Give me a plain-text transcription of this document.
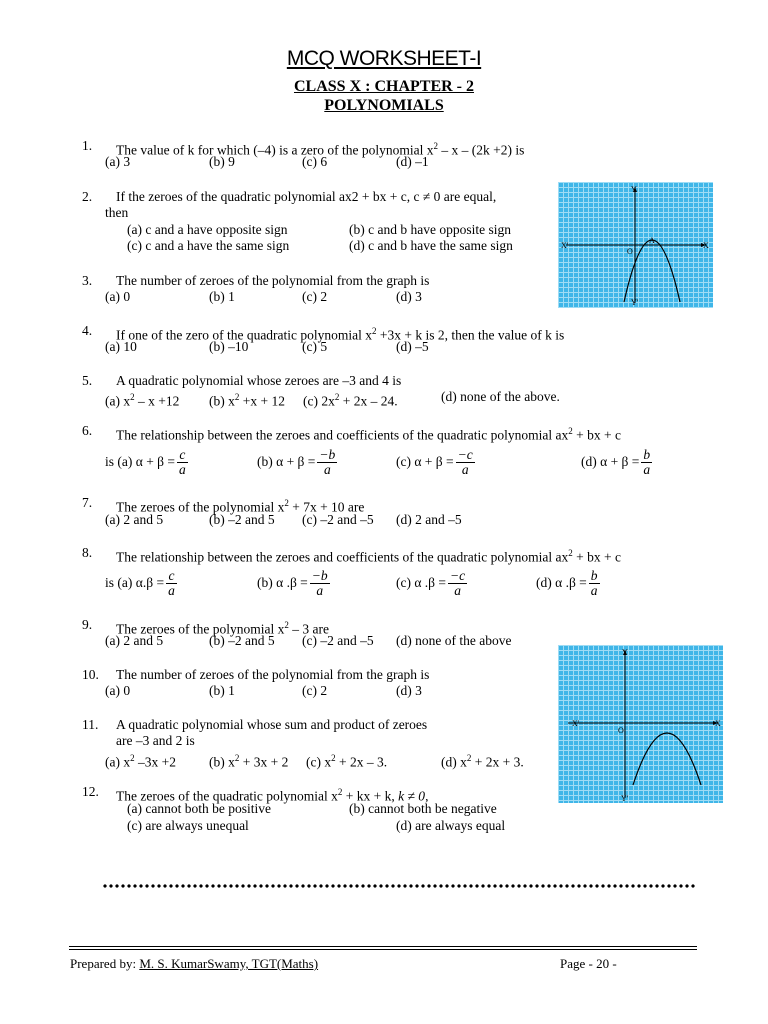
MCQ WORKSHEET-I
CLASS X : CHAPTER - 2
POLYNOMIALS
1. The value of k for which (–4) is a zero of the polynomial $x^2 - x - (2k +2)$ is
(a) 3	(b) 9	(c) 6	(d) –1
2. If the zeroes of the quadratic polynomial ax2 + bx + c, c ≠ 0 are equal,
then
(a) c and a have opposite sign	(b) c and b have opposite sign
(c) c and a have the same sign	(d) c and b have the same sign
Y
X
X'
Y'
O
A
3. The number of zeroes of the polynomial from the graph is
(a) 0	(b) 1	(c) 2	(d) 3
4. If one of the zero of the quadratic polynomial $x^2 +3x + k$ is 2, then the value of k is
(a) 10	(b) –10	(c) 5	(d) –5
5. A quadratic polynomial whose zeroes are –3 and 4 is
(a) $x^2 - x +12$ (b) $x^2 +x + 12$ (c) $2x^2 + 2x - 24$.	(d) none of the above.
6. The relationship between the zeroes and coefficients of the quadratic polynomial $ax^2$ + bx + c
is (a) $\alpha + \beta = \frac{c}{a}$	(b) $\alpha + \beta = \frac{-b}{a}$	(c) $\alpha + \beta = \frac{-c}{a}$	(d) $\alpha + \beta = \frac{b}{a}$
7. The zeroes of the polynomial $x^2 + 7x + 10$ are
(a) 2 and 5	(b) –2 and 5 (c) –2 and –5 (d) 2 and –5
8. The relationship between the zeroes and coefficients of the quadratic polynomial $ax^2$ + bx + c
is (a) $\alpha.\beta = \frac{c}{a}$	(b) α $.\beta = \frac{-b}{a}$	(c) α $.\beta = \frac{-c}{a}$	(d) α $.\beta = \frac{b}{a}$
9. The zeroes of the polynomial $x^2 - 3$ are
(a) 2 and 5	(b) –2 and 5 (c) –2 and –5 (d) none of the above
Y
X
X'
Y'
O
10. The number of zeroes of the polynomial from the graph is
(a) 0	(b) 1	(c) 2	(d) 3
11. A quadratic polynomial whose sum and product of zeroes
are –3 and 2 is
(a) $x^2$ –3x +2 (b) $x^2 + 3x + 2$ (c) $x^2 + 2x - 3$.	(d) $x^2 + 2x + 3$.
12. The zeroes of the quadratic polynomial $x^2$ + kx + k, k ≠ 0,
(a) cannot both be positive	(b) cannot both be negative
(c) are always unequal	(d) are always equal
Prepared by: M. S. KumarSwamy, TGT(Maths)	Page - 20 -
